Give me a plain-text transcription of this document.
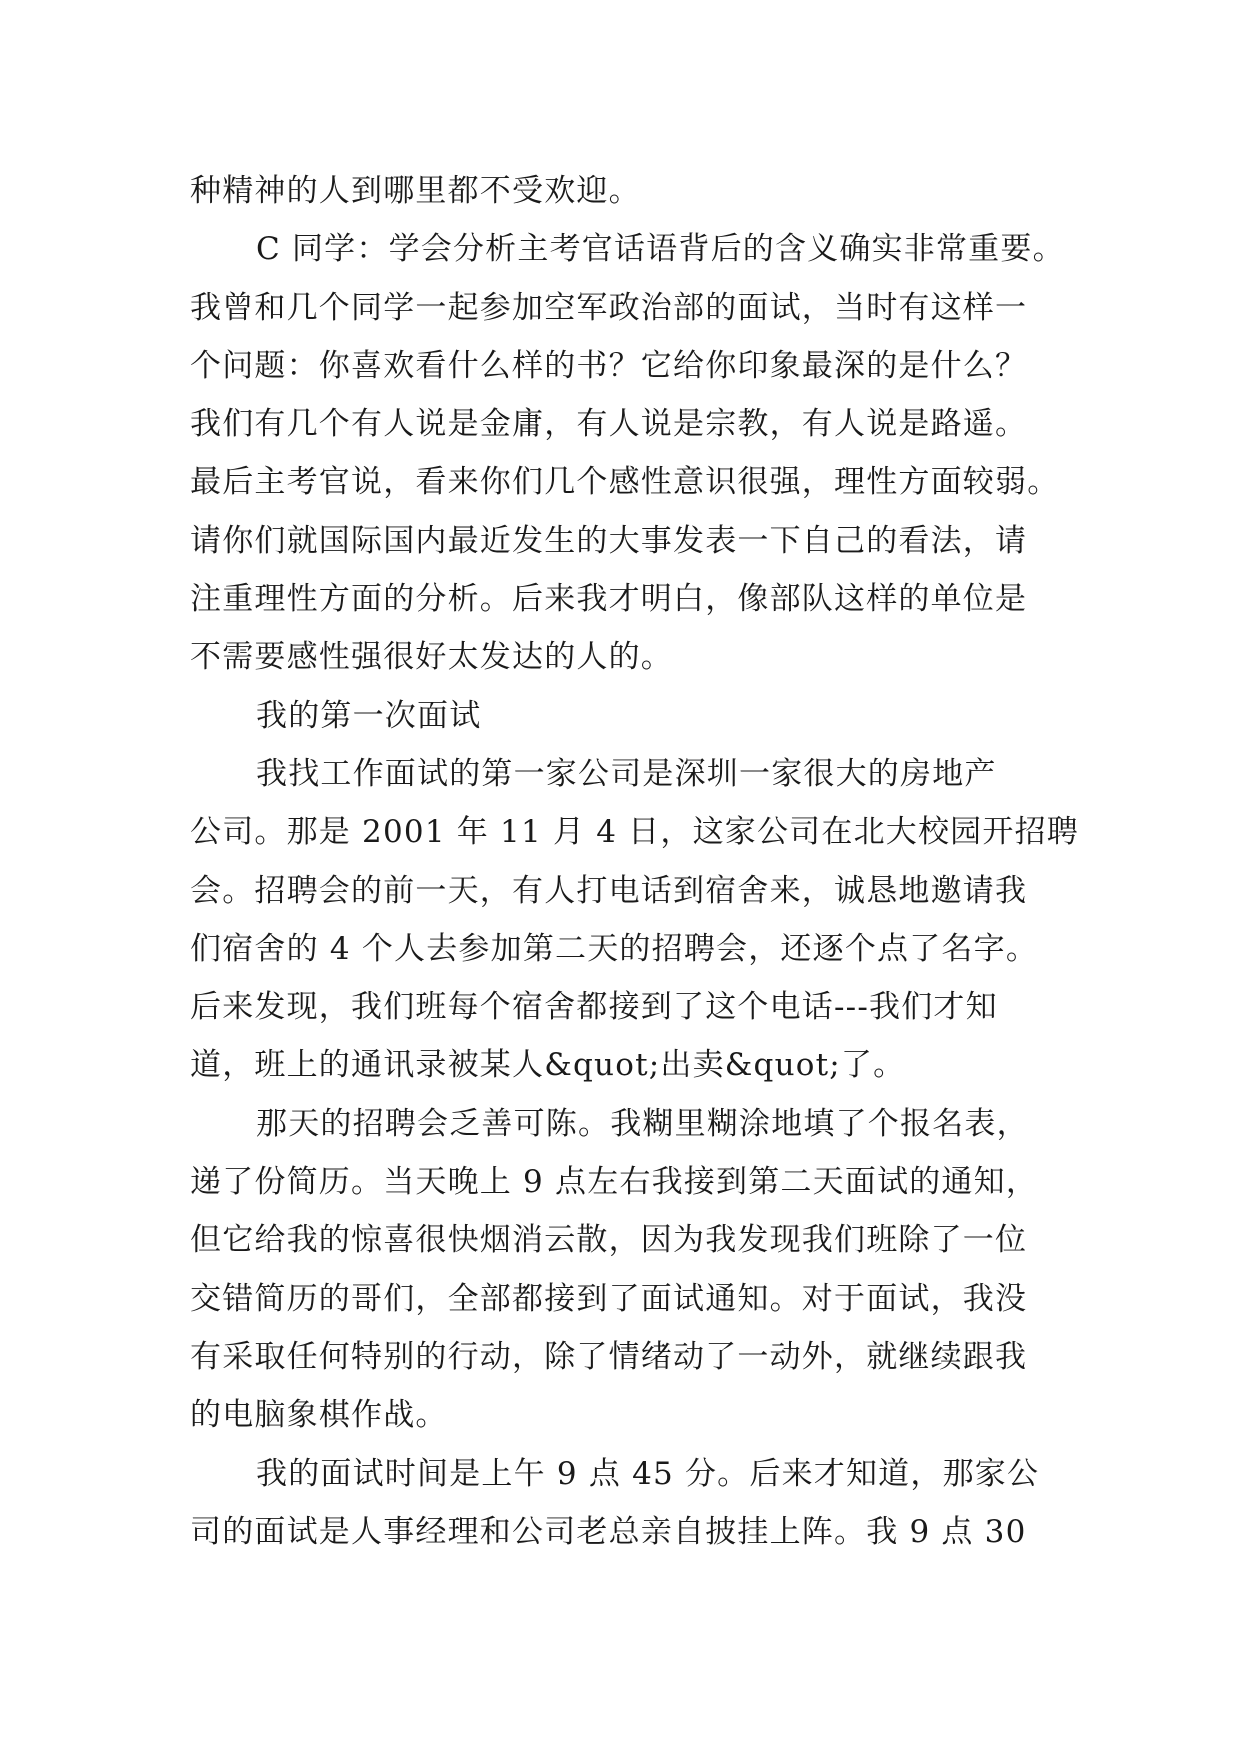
种精神的人到哪里都不受欢迎。
C 同学：学会分析主考官话语背后的含义确实非常重要。
我曾和几个同学一起参加空军政治部的面试，当时有这样一
个问题：你喜欢看什么样的书？它给你印象最深的是什么？
我们有几个有人说是金庸，有人说是宗教，有人说是路遥。
最后主考官说，看来你们几个感性意识很强，理性方面较弱。
请你们就国际国内最近发生的大事发表一下自己的看法，请
注重理性方面的分析。后来我才明白，像部队这样的单位是
不需要感性强很好太发达的人的。
我的第一次面试
我找工作面试的第一家公司是深圳一家很大的房地产
公司。那是 2001 年 11 月 4 日，这家公司在北大校园开招聘
会。招聘会的前一天，有人打电话到宿舍来，诚恳地邀请我
们宿舍的 4 个人去参加第二天的招聘会，还逐个点了名字。
后来发现，我们班每个宿舍都接到了这个电话---我们才知
道，班上的通讯录被某人&quot;出卖&quot;了。
那天的招聘会乏善可陈。我糊里糊涂地填了个报名表，
递了份简历。当天晚上 9 点左右我接到第二天面试的通知，
但它给我的惊喜很快烟消云散，因为我发现我们班除了一位
交错简历的哥们，全部都接到了面试通知。对于面试，我没
有采取任何特别的行动，除了情绪动了一动外，就继续跟我
的电脑象棋作战。
我的面试时间是上午 9 点 45 分。后来才知道，那家公
司的面试是人事经理和公司老总亲自披挂上阵。我 9 点 30
